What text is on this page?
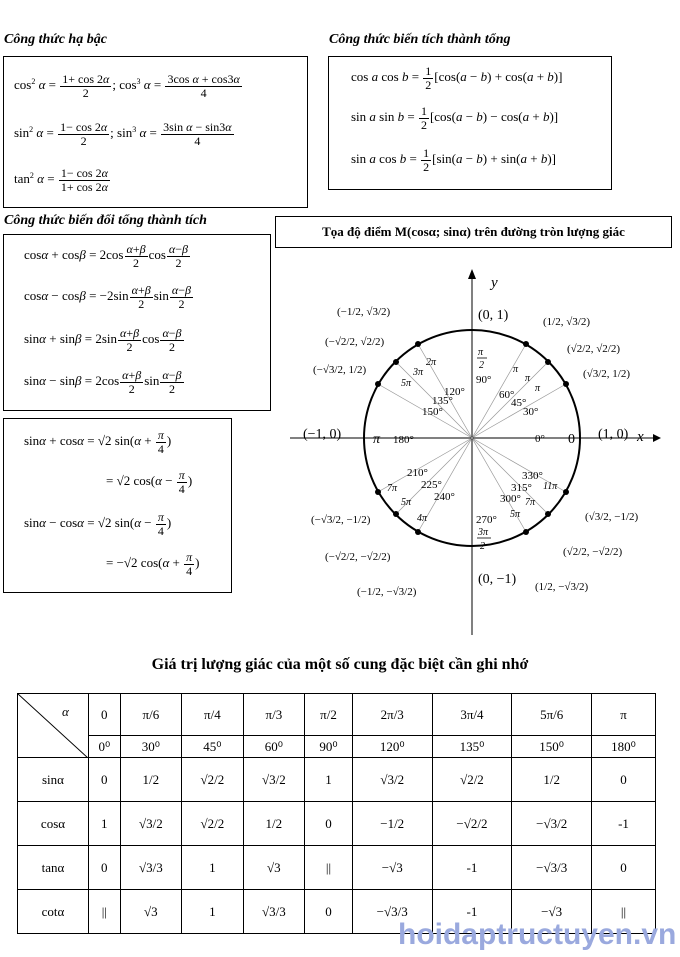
Công thức hạ bậc	Công thức biến tích thành tổng
Công thức biến đổi tổng thành tích
$\cos^2 \alpha = \frac{1+ \cos 2\alpha}{2}$ ; $\cos^3 \alpha = \frac{\text{3cos α + cos3α}}{4}$
$\sin^2 \alpha = \frac{1- \cos 2\alpha}{2}$ ; $\sin^3 \alpha = \frac{\text{3sin α − sin3α}}{4}$
$\tan^2 \alpha = \frac{1- \cos 2\alpha}{1+ \cos 2\alpha}$
cos a $\cos b = \frac{1}{2} [\cos(a - b) + \cos(a + b)]$
sin a $\sin b = \frac{1}{2} [\cos(a - b) - \cos(a + b)]$
sin a $\cos b = \frac{1}{2} [\sin(a - b) + \sin(a + b)]$
$\cos\alpha + \cos\beta = 2\cos \frac{\alpha+\beta}{2}$ $\cos \frac{\alpha-\beta}{2}$
$\cos\alpha - \cos\beta = -2\sin \frac{\alpha+\beta}{2}$ $\sin \frac{\alpha-\beta}{2}$
$\sin\alpha + \sin\beta = 2\sin \frac{\alpha+\beta}{2}$ $\cos \frac{\alpha-\beta}{2}$
$\sin\alpha - \sin\beta = 2\cos \frac{\alpha+\beta}{2}$ $\sin \frac{\alpha-\beta}{2}$
sinα + cosα = √2 $\sin(\alpha + \frac{\pi}{4}$ )
= √2 $\cos(\alpha - \frac{\pi}{4}$ )
sinα − cosα = √2 $\sin(\alpha - \frac{\pi}{4}$ )
= −√2 $\cos(\alpha + \frac{\pi}{4}$ )
Tọa độ điểm M(cosα; sinα) trên đường tròn lượng giác
x
y
(0, 1)
(0, −1)
(−1, 0)	(1, 0)
π	0
0°
30°
45°
60°
90°
120°
135°
150°
180°
210°
225°
240°
270°
300°
315°
330°
π
2
3π
2
π
π
π
2π
3π
5π
7π
5π
4π	5π
7π
11π
(1/2, √3/2)
(√2/2, √2/2)
(√3/2, 1/2)
(−1/2, √3/2)
(−√2/2, √2/2)
(−√3/2, 1/2)
(−√3/2, −1/2)
(−√2/2, −√2/2)
(−1/2, −√3/2)
(√3/2, −1/2)
(√2/2, −√2/2)
(1/2, −√3/2)
Giá trị lượng giác của một số cung đặc biệt cần ghi nhớ
α	0	π/6	π/4	π/3	π/2	2π/3	3π/4	5π/6	π
	0⁰	30⁰	45⁰	60⁰	90⁰	120⁰	135⁰	150⁰	180⁰
sinα	0	1/2	√2/2	√3/2	1	√3/2	√2/2	1/2	0
cosα	1	√3/2	√2/2	1/2	0	−1/2	−√2/2	−√3/2	-1
tanα	0	√3/3	1	√3	||	−√3	-1	−√3/3	0
cotα	||	√3	1	√3/3	0	−√3/3	-1	−√3	||
hoidaptructuyen.vn
